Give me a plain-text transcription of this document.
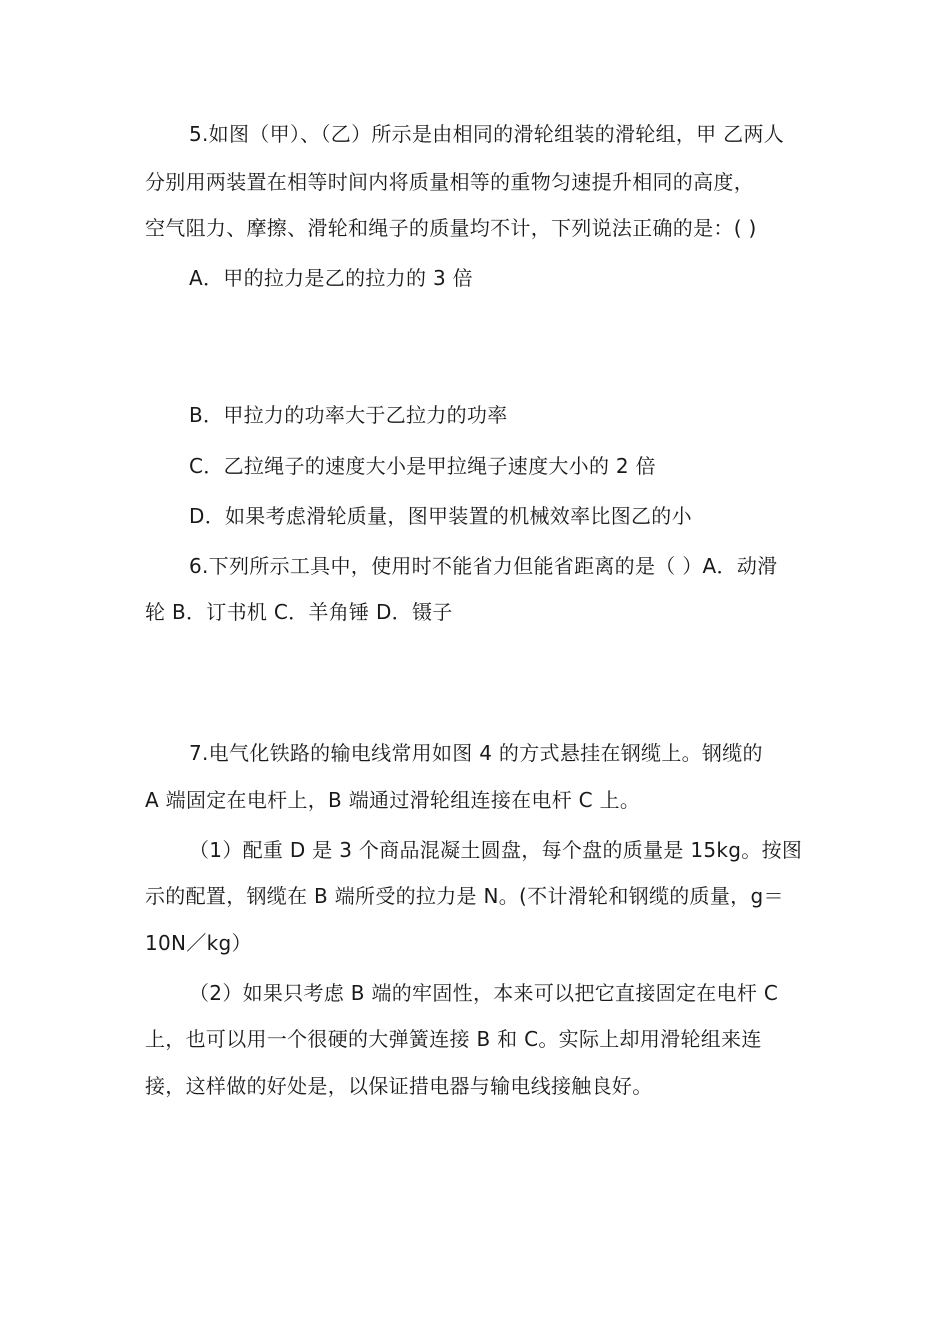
5.如图（甲）、（乙）所示是由相同的滑轮组装的滑轮组，甲 乙两人
分别用两装置在相等时间内将质量相等的重物匀速提升相同的高度，
空气阻力、摩擦、滑轮和绳子的质量均不计，下列说法正确的是：( )
A．甲的拉力是乙的拉力的 3 倍
B．甲拉力的功率大于乙拉力的功率
C．乙拉绳子的速度大小是甲拉绳子速度大小的 2 倍
D．如果考虑滑轮质量，图甲装置的机械效率比图乙的小
6.下列所示工具中，使用时不能省力但能省距离的是（ ）A．动滑
轮 B．订书机 C．羊角锤 D．镊子
7.电气化铁路的输电线常用如图 4 的方式悬挂在钢缆上。钢缆的
A 端固定在电杆上，B 端通过滑轮组连接在电杆 C 上。
（1）配重 D 是 3 个商品混凝土圆盘，每个盘的质量是 15kg。按图
示的配置，钢缆在 B 端所受的拉力是 N。(不计滑轮和钢缆的质量，g＝
10N／kg）
（2）如果只考虑 B 端的牢固性，本来可以把它直接固定在电杆 C
上，也可以用一个很硬的大弹簧连接 B 和 C。实际上却用滑轮组来连
接，这样做的好处是，以保证措电器与输电线接触良好。
